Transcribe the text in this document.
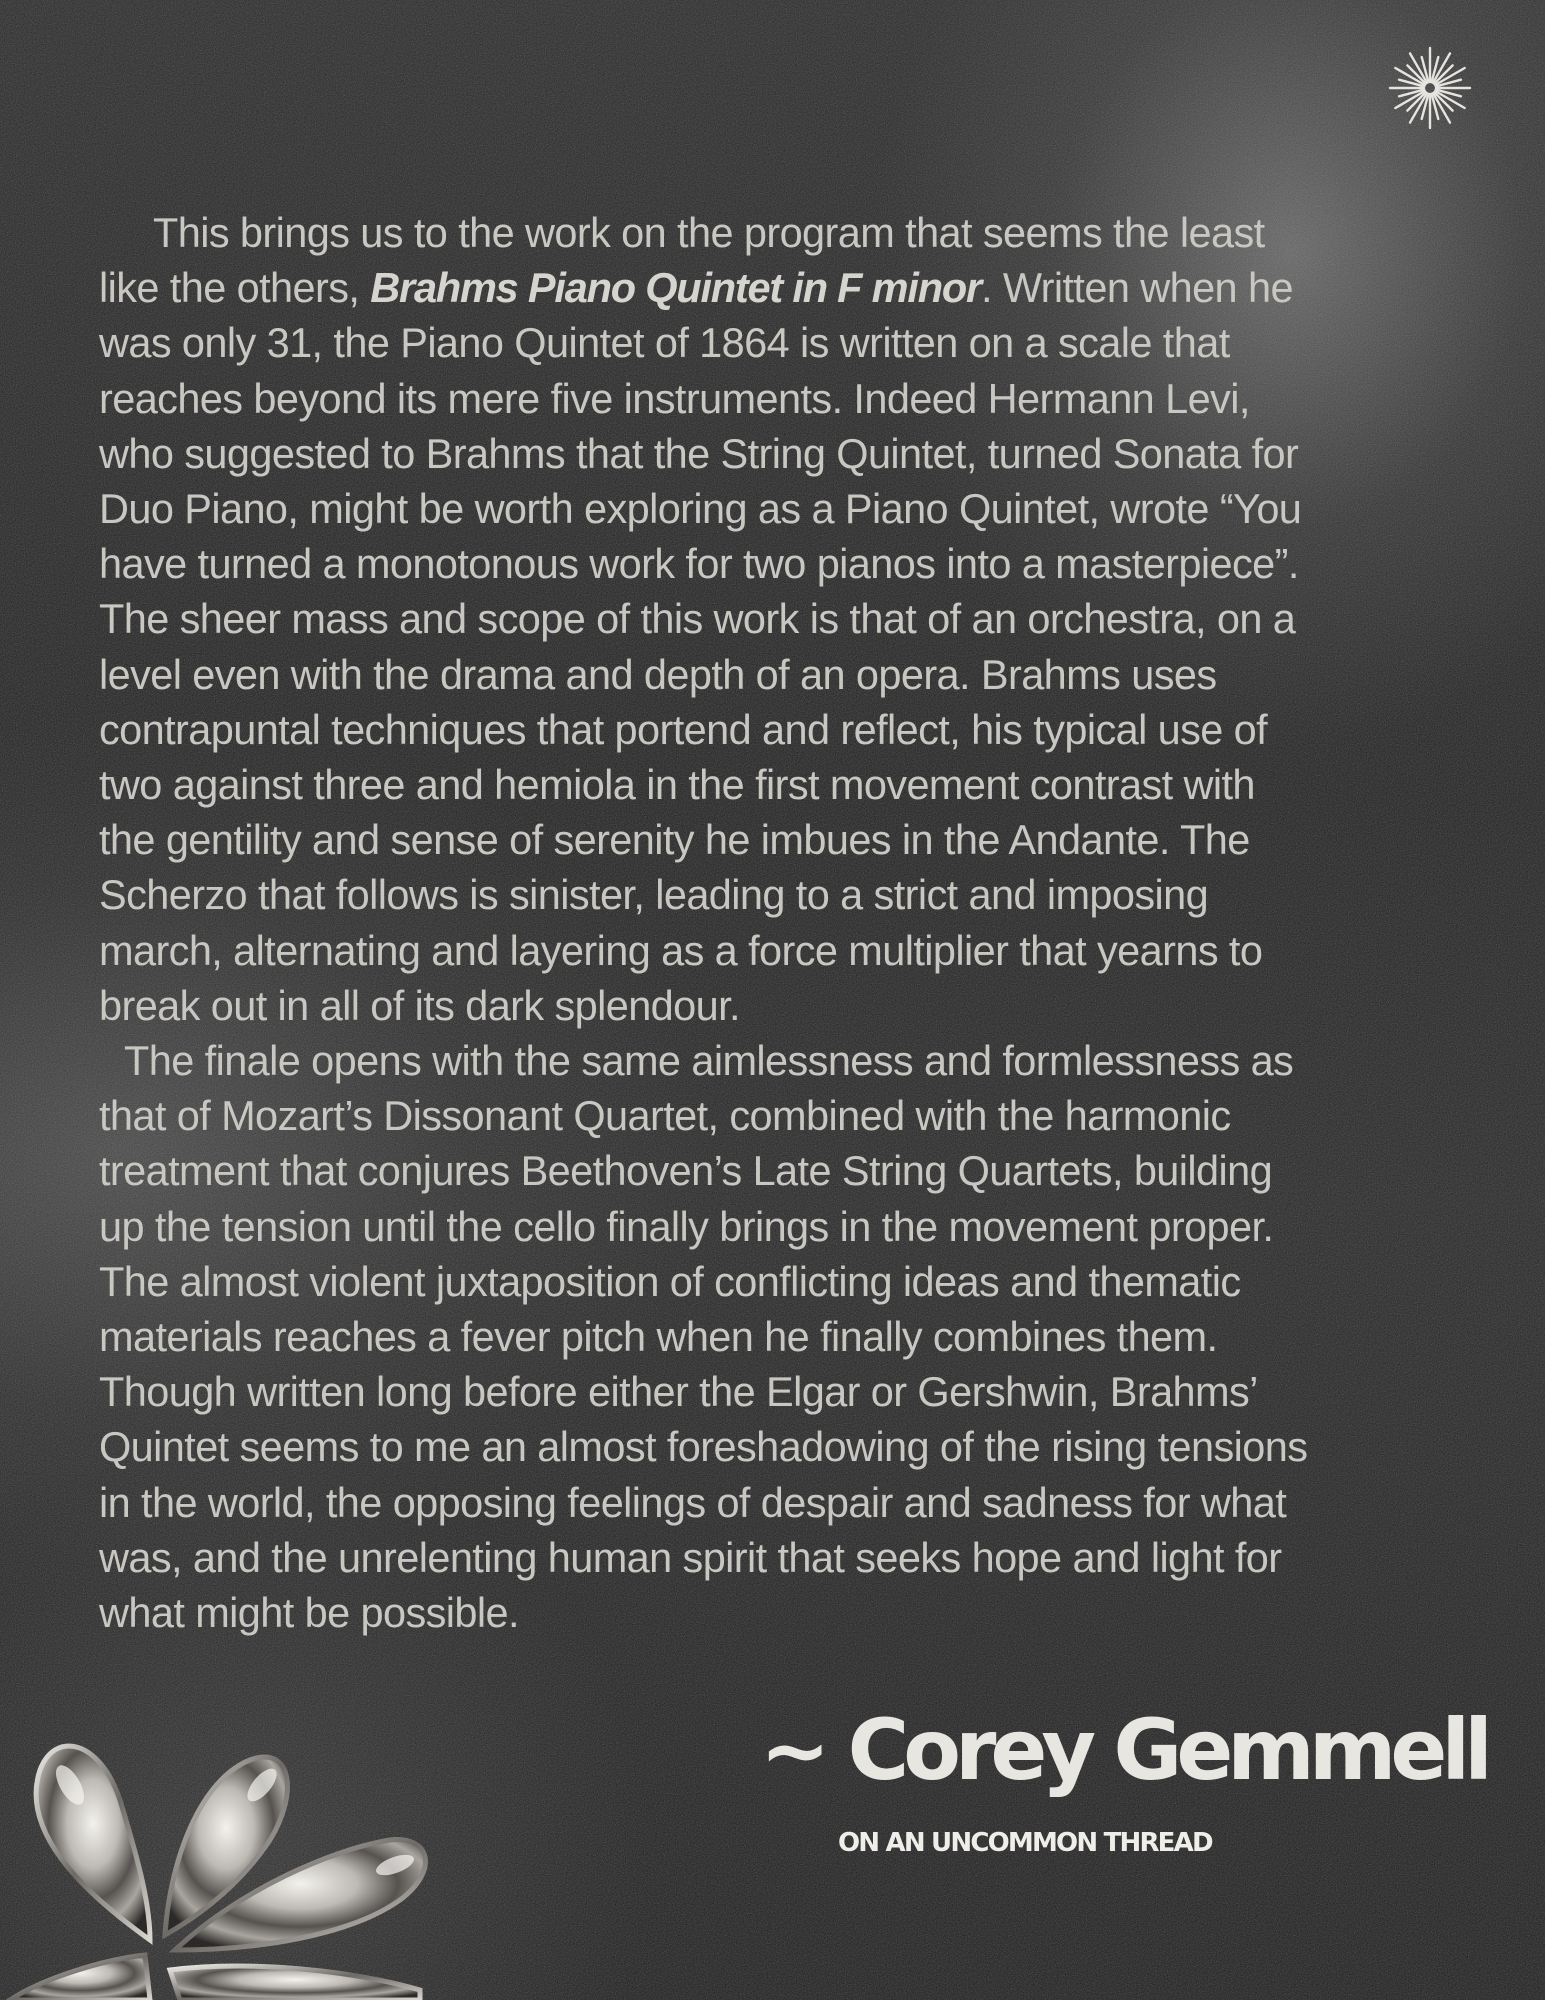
This brings us to the work on the program that seems the least
like the others, Brahms Piano Quintet in F minor. Written when he
was only 31, the Piano Quintet of 1864 is written on a scale that
reaches beyond its mere five instruments. Indeed Hermann Levi,
who suggested to Brahms that the String Quintet, turned Sonata for
Duo Piano, might be worth exploring as a Piano Quintet, wrote “You
have turned a monotonous work for two pianos into a masterpiece”.
The sheer mass and scope of this work is that of an orchestra, on a
level even with the drama and depth of an opera. Brahms uses
contrapuntal techniques that portend and reflect, his typical use of
two against three and hemiola in the first movement contrast with
the gentility and sense of serenity he imbues in the Andante. The
Scherzo that follows is sinister, leading to a strict and imposing
march, alternating and layering as a force multiplier that yearns to
break out in all of its dark splendour.
The finale opens with the same aimlessness and formlessness as
that of Mozart’s Dissonant Quartet, combined with the harmonic
treatment that conjures Beethoven’s Late String Quartets, building
up the tension until the cello finally brings in the movement proper.
The almost violent juxtaposition of conflicting ideas and thematic
materials reaches a fever pitch when he finally combines them.
Though written long before either the Elgar or Gershwin, Brahms’
Quintet seems to me an almost foreshadowing of the rising tensions
in the world, the opposing feelings of despair and sadness for what
was, and the unrelenting human spirit that seeks hope and light for
what might be possible.
~ Corey Gemmell
ON AN UNCOMMON THREAD
